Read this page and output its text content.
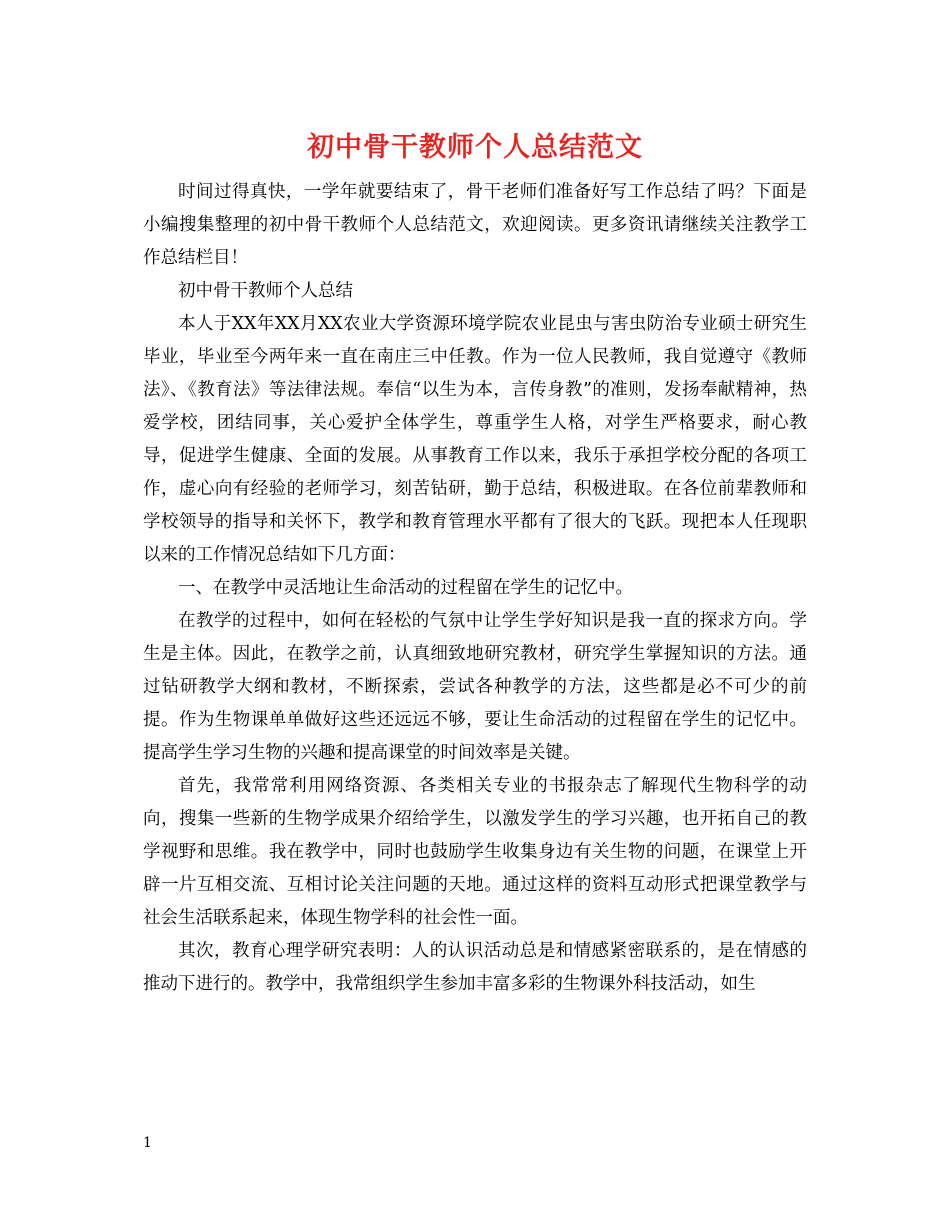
初中骨干教师个人总结范文

时间过得真快，一学年就要结束了，骨干老师们准备好写工作总结了吗？下面是小编搜集整理的初中骨干教师个人总结范文，欢迎阅读。更多资讯请继续关注教学工作总结栏目！

初中骨干教师个人总结

本人于XX年XX月XX农业大学资源环境学院农业昆虫与害虫防治专业硕士研究生毕业，毕业至今两年来一直在南庄三中任教。作为一位人民教师，我自觉遵守《教师法》、《教育法》等法律法规。奉信“以生为本，言传身教”的准则，发扬奉献精神，热爱学校，团结同事，关心爱护全体学生，尊重学生人格，对学生严格要求，耐心教导，促进学生健康、全面的发展。从事教育工作以来，我乐于承担学校分配的各项工作，虚心向有经验的老师学习，刻苦钻研，勤于总结，积极进取。在各位前辈教师和学校领导的指导和关怀下，教学和教育管理水平都有了很大的飞跃。现把本人任现职以来的工作情况总结如下几方面：

一、在教学中灵活地让生命活动的过程留在学生的记忆中。

在教学的过程中，如何在轻松的气氛中让学生学好知识是我一直的探求方向。学生是主体。因此，在教学之前，认真细致地研究教材，研究学生掌握知识的方法。通过钻研教学大纲和教材，不断探索，尝试各种教学的方法，这些都是必不可少的前提。作为生物课单单做好这些还远远不够，要让生命活动的过程留在学生的记忆中。提高学生学习生物的兴趣和提高课堂的时间效率是关键。

首先，我常常利用网络资源、各类相关专业的书报杂志了解现代生物科学的动向，搜集一些新的生物学成果介绍给学生，以激发学生的学习兴趣，也开拓自己的教学视野和思维。我在教学中，同时也鼓励学生收集身边有关生物的问题，在课堂上开辟一片互相交流、互相讨论关注问题的天地。通过这样的资料互动形式把课堂教学与社会生活联系起来，体现生物学科的社会性一面。

其次，教育心理学研究表明：人的认识活动总是和情感紧密联系的，是在情感的推动下进行的。教学中，我常组织学生参加丰富多彩的生物课外科技活动，如生

1
